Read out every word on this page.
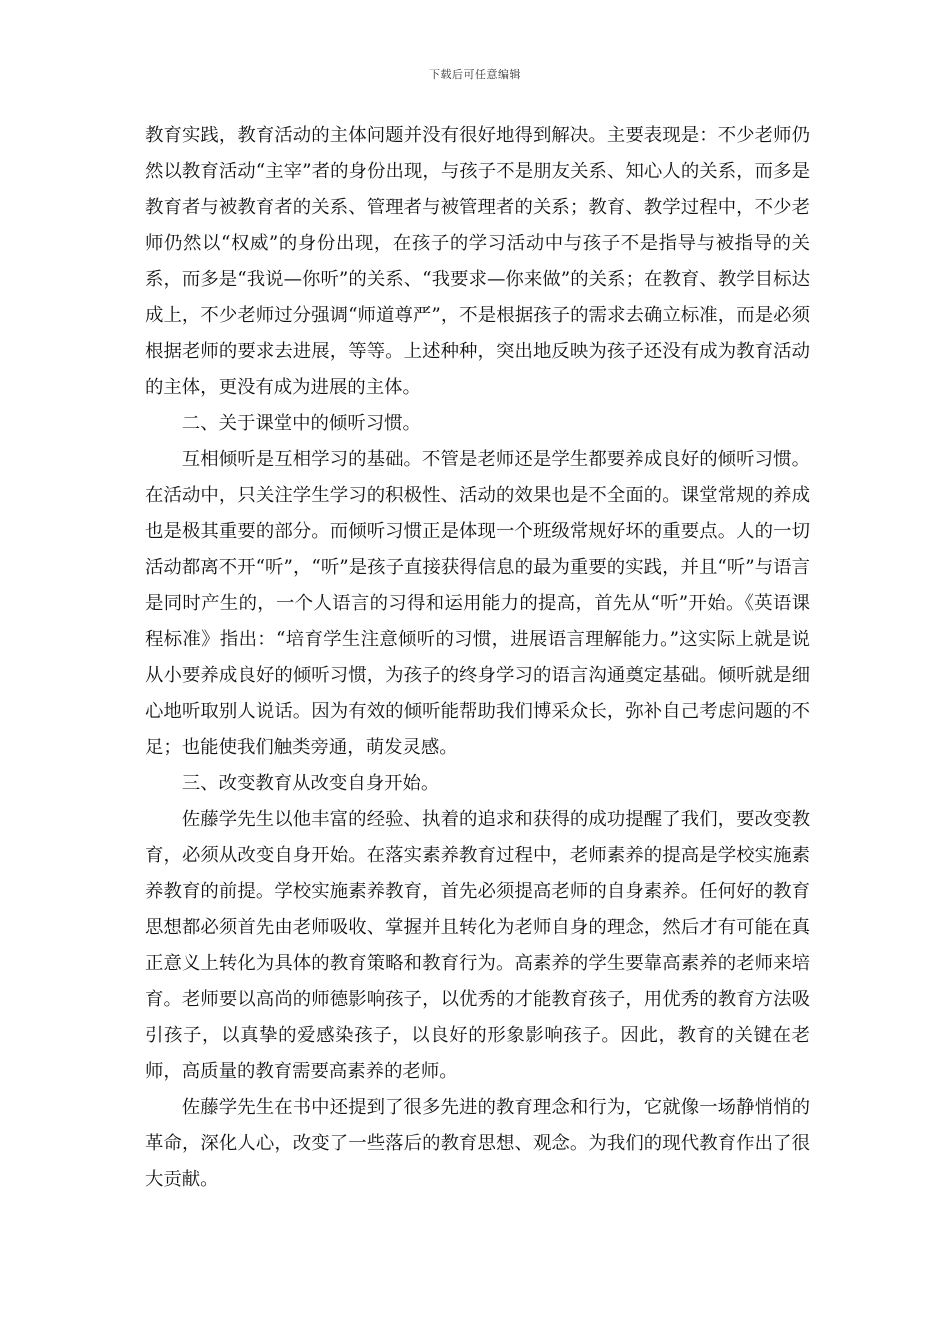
下载后可任意编辑

教育实践，教育活动的主体问题并没有很好地得到解决。主要表现是：不少老师仍然以教育活动“主宰”者的身份出现，与孩子不是朋友关系、知心人的关系，而多是教育者与被教育者的关系、管理者与被管理者的关系；教育、教学过程中，不少老师仍然以“权威”的身份出现，在孩子的学习活动中与孩子不是指导与被指导的关系，而多是“我说—你听”的关系、“我要求—你来做”的关系；在教育、教学目标达成上，不少老师过分强调“师道尊严”，不是根据孩子的需求去确立标准，而是必须根据老师的要求去进展，等等。上述种种，突出地反映为孩子还没有成为教育活动的主体，更没有成为进展的主体。

二、关于课堂中的倾听习惯。

互相倾听是互相学习的基础。不管是老师还是学生都要养成良好的倾听习惯。在活动中，只关注学生学习的积极性、活动的效果也是不全面的。课堂常规的养成也是极其重要的部分。而倾听习惯正是体现一个班级常规好坏的重要点。人的一切活动都离不开“听”，“听”是孩子直接获得信息的最为重要的实践，并且“听”与语言是同时产生的，一个人语言的习得和运用能力的提高，首先从“听”开始。《英语课程标准》指出：“培育学生注意倾听的习惯，进展语言理解能力。”这实际上就是说从小要养成良好的倾听习惯，为孩子的终身学习的语言沟通奠定基础。倾听就是细心地听取别人说话。因为有效的倾听能帮助我们博采众长，弥补自己考虑问题的不足；也能使我们触类旁通，萌发灵感。

三、改变教育从改变自身开始。

佐藤学先生以他丰富的经验、执着的追求和获得的成功提醒了我们，要改变教育，必须从改变自身开始。在落实素养教育过程中，老师素养的提高是学校实施素养教育的前提。学校实施素养教育，首先必须提高老师的自身素养。任何好的教育思想都必须首先由老师吸收、掌握并且转化为老师自身的理念，然后才有可能在真正意义上转化为具体的教育策略和教育行为。高素养的学生要靠高素养的老师来培育。老师要以高尚的师德影响孩子，以优秀的才能教育孩子，用优秀的教育方法吸引孩子，以真挚的爱感染孩子，以良好的形象影响孩子。因此，教育的关键在老师，高质量的教育需要高素养的老师。

佐藤学先生在书中还提到了很多先进的教育理念和行为，它就像一场静悄悄的革命，深化人心，改变了一些落后的教育思想、观念。为我们的现代教育作出了很大贡献。
